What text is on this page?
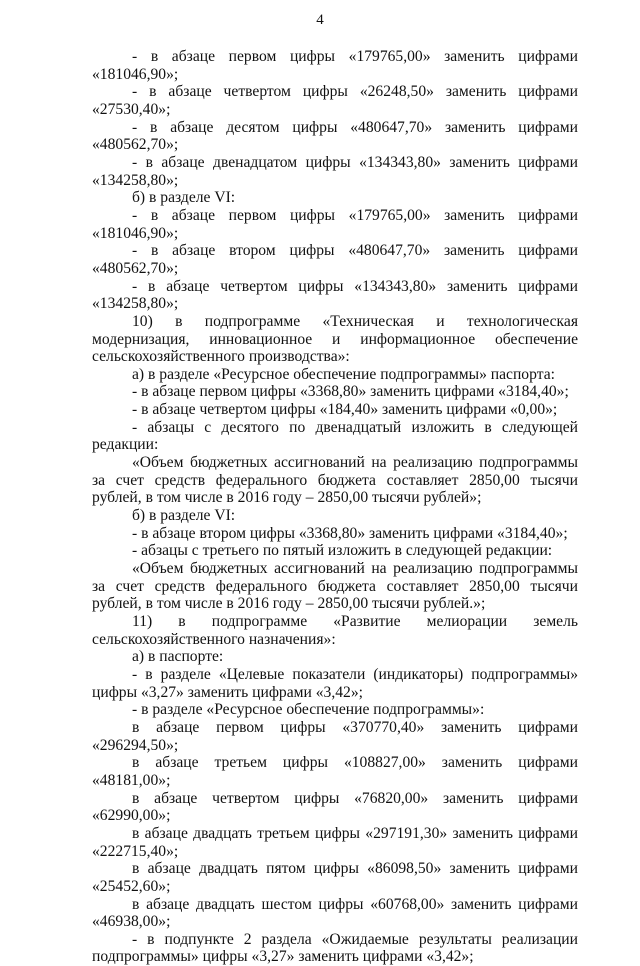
4

- в абзаце первом цифры «179765,00» заменить цифрами «181046,90»;

- в абзаце четвертом цифры «26248,50» заменить цифрами «27530,40»;

- в абзаце десятом цифры «480647,70» заменить цифрами «480562,70»;

- в абзаце двенадцатом цифры «134343,80» заменить цифрами «134258,80»;

б) в разделе VI:

- в абзаце первом цифры «179765,00» заменить цифрами «181046,90»;

- в абзаце втором цифры «480647,70» заменить цифрами «480562,70»;

- в абзаце четвертом цифры «134343,80» заменить цифрами «134258,80»;

10) в подпрограмме «Техническая и технологическая модернизация, инновационное и информационное обеспечение сельскохозяйственного производства»:

а) в разделе «Ресурсное обеспечение подпрограммы» паспорта:

- в абзаце первом цифры «3368,80» заменить цифрами «3184,40»;

- в абзаце четвертом цифры «184,40» заменить цифрами «0,00»;

- абзацы с десятого по двенадцатый изложить в следующей редакции:

«Объем бюджетных ассигнований на реализацию подпрограммы за счет средств федерального бюджета составляет 2850,00 тысячи рублей, в том числе в 2016 году – 2850,00 тысячи рублей»;

б) в разделе VI:

- в абзаце втором цифры «3368,80» заменить цифрами «3184,40»;

- абзацы с третьего по пятый изложить в следующей редакции:

«Объем бюджетных ассигнований на реализацию подпрограммы за счет средств федерального бюджета составляет 2850,00 тысячи рублей, в том числе в 2016 году – 2850,00 тысячи рублей.»;

11) в подпрограмме «Развитие мелиорации земель сельскохозяйственного назначения»:

а) в паспорте:

- в разделе «Целевые показатели (индикаторы) подпрограммы» цифры «3,27» заменить цифрами «3,42»;

- в разделе «Ресурсное обеспечение подпрограммы»:

в абзаце первом цифры «370770,40» заменить цифрами «296294,50»;

в абзаце третьем цифры «108827,00» заменить цифрами «48181,00»;

в абзаце четвертом цифры «76820,00» заменить цифрами «62990,00»;

в абзаце двадцать третьем цифры «297191,30» заменить цифрами «222715,40»;

в абзаце двадцать пятом цифры «86098,50» заменить цифрами «25452,60»;

в абзаце двадцать шестом цифры «60768,00» заменить цифрами «46938,00»;

- в подпункте 2 раздела «Ожидаемые результаты реализации подпрограммы» цифры «3,27» заменить цифрами «3,42»;
